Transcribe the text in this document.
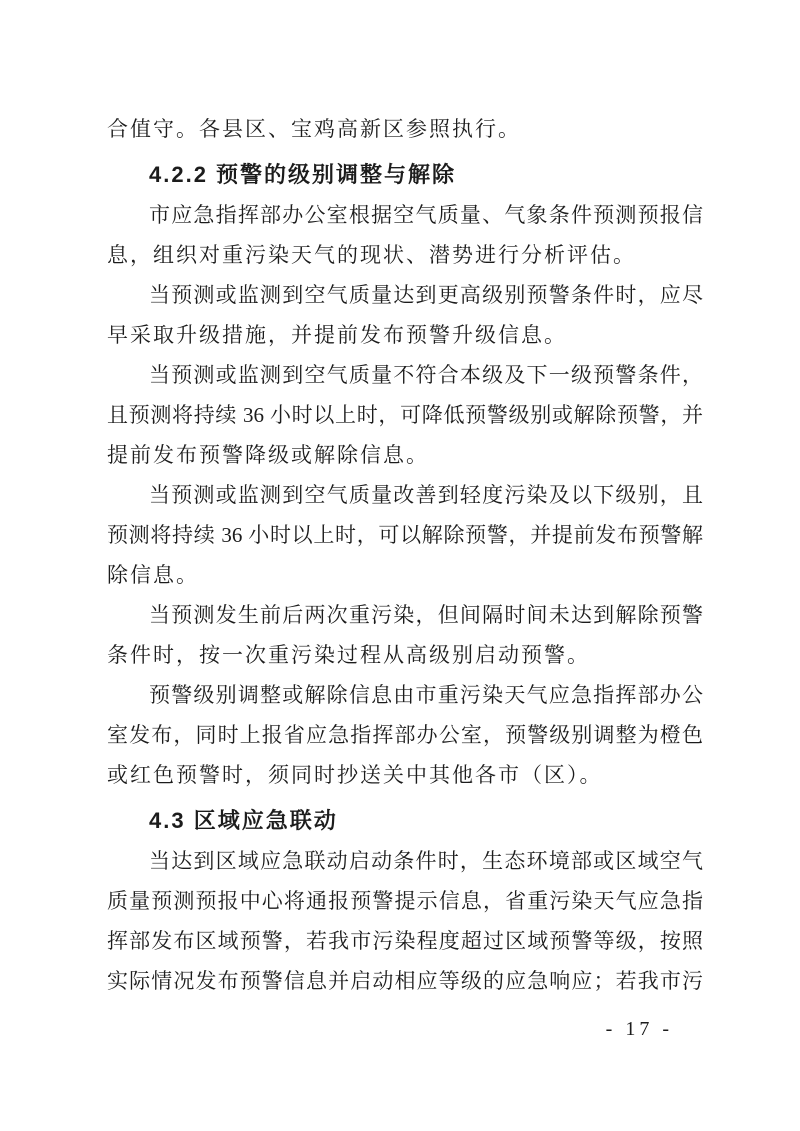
合值守。各县区、宝鸡高新区参照执行。
4.2.2 预警的级别调整与解除
市应急指挥部办公室根据空气质量、气象条件预测预报信
息，组织对重污染天气的现状、潜势进行分析评估。
当预测或监测到空气质量达到更高级别预警条件时，应尽
早采取升级措施，并提前发布预警升级信息。
当预测或监测到空气质量不符合本级及下一级预警条件，
且预测将持续 36 小时以上时，可降低预警级别或解除预警，并
提前发布预警降级或解除信息。
当预测或监测到空气质量改善到轻度污染及以下级别，且
预测将持续 36 小时以上时，可以解除预警，并提前发布预警解
除信息。
当预测发生前后两次重污染，但间隔时间未达到解除预警
条件时，按一次重污染过程从高级别启动预警。
预警级别调整或解除信息由市重污染天气应急指挥部办公
室发布，同时上报省应急指挥部办公室，预警级别调整为橙色
或红色预警时，须同时抄送关中其他各市（区）。
4.3 区域应急联动
当达到区域应急联动启动条件时，生态环境部或区域空气
质量预测预报中心将通报预警提示信息，省重污染天气应急指
挥部发布区域预警，若我市污染程度超过区域预警等级，按照
实际情况发布预警信息并启动相应等级的应急响应；若我市污
- 17 -
